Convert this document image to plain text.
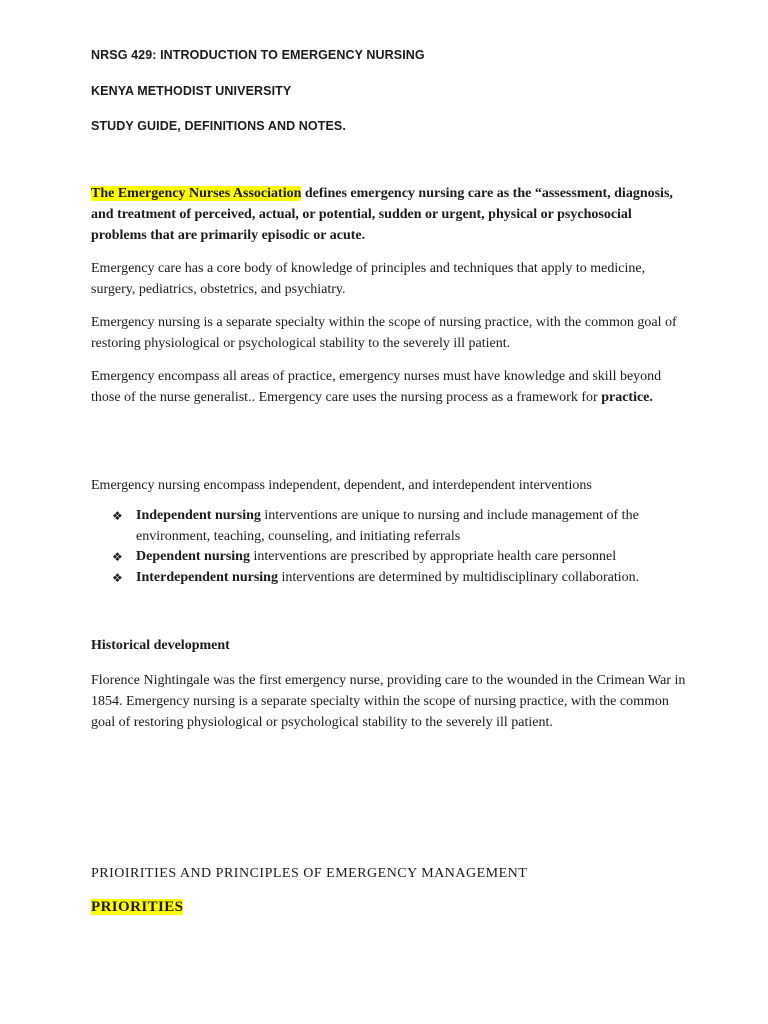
NRSG 429: INTRODUCTION TO EMERGENCY NURSING
KENYA METHODIST UNIVERSITY
STUDY GUIDE, DEFINITIONS AND NOTES.
The Emergency Nurses Association defines emergency nursing care as the “assessment, diagnosis, and treatment of perceived, actual, or potential, sudden or urgent, physical or psychosocial problems that are primarily episodic or acute.
Emergency care has a core body of knowledge of principles and techniques that apply to medicine, surgery, pediatrics, obstetrics, and psychiatry.
Emergency nursing is a separate specialty within the scope of nursing practice, with the common goal of restoring physiological or psychological stability to the severely ill patient.
Emergency encompass all areas of practice, emergency nurses must have knowledge and skill beyond those of the nurse generalist.. Emergency care uses the nursing process as a framework for practice.
Emergency nursing encompass independent, dependent, and interdependent interventions
❖ Independent nursing interventions are unique to nursing and include management of the environment, teaching, counseling, and initiating referrals
❖ Dependent nursing interventions are prescribed by appropriate health care personnel
❖ Interdependent nursing interventions are determined by multidisciplinary collaboration.
Historical development
Florence Nightingale was the first emergency nurse, providing care to the wounded in the Crimean War in 1854. Emergency nursing is a separate specialty within the scope of nursing practice, with the common goal of restoring physiological or psychological stability to the severely ill patient.
PRIOIRITIES AND PRINCIPLES OF EMERGENCY MANAGEMENT
PRIORITIES
